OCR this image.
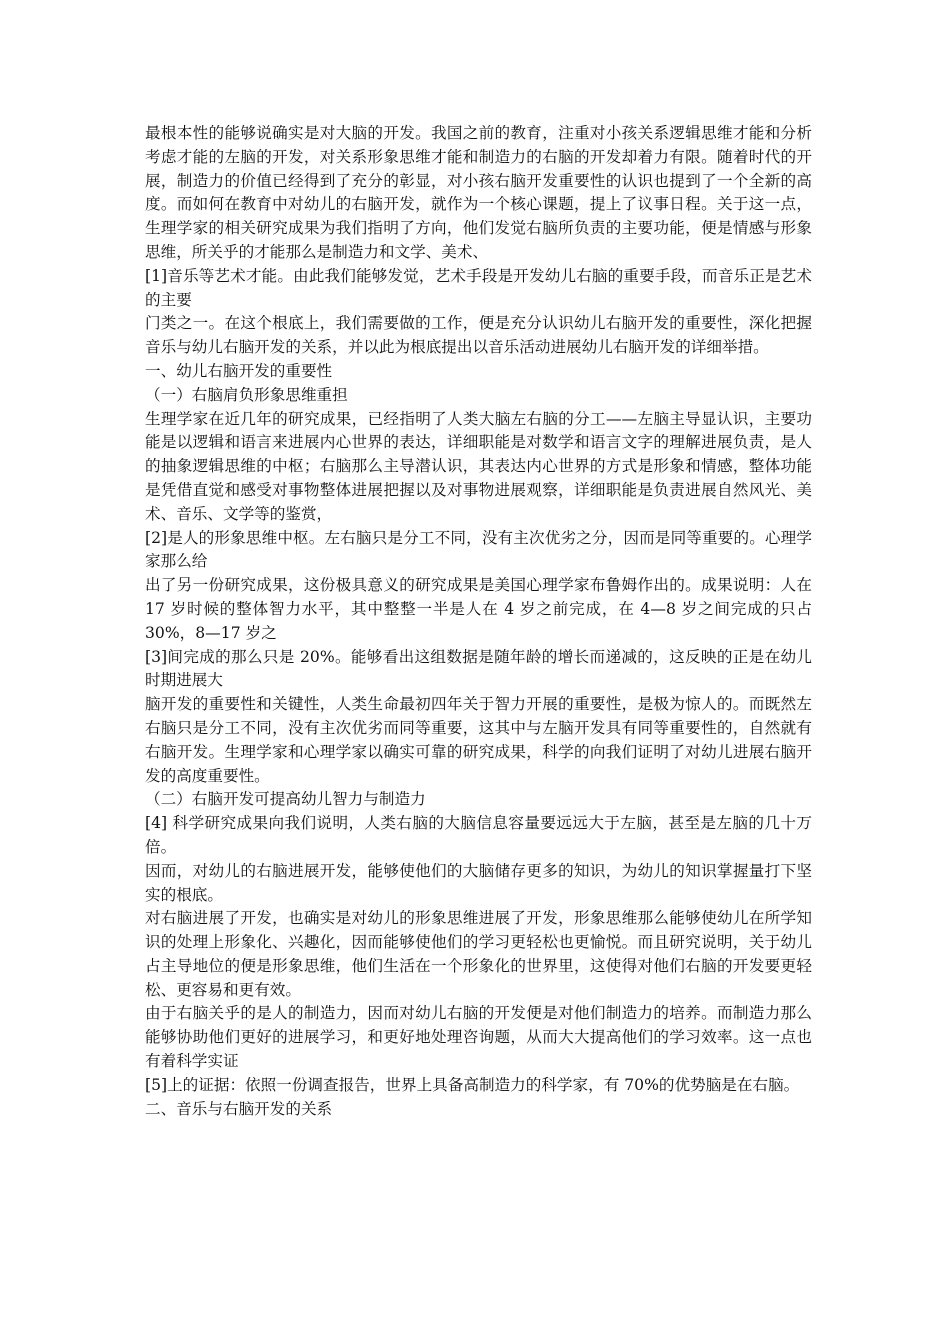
最根本性的能够说确实是对大脑的开发。我国之前的教育，注重对小孩关系逻辑思维才能和分析考虑才能的左脑的开发，对关系形象思维才能和制造力的右脑的开发却着力有限。随着时代的开展，制造力的价值已经得到了充分的彰显，对小孩右脑开发重要性的认识也提到了一个全新的高度。而如何在教育中对幼儿的右脑开发，就作为一个核心课题，提上了议事日程。关于这一点，生理学家的相关研究成果为我们指明了方向，他们发觉右脑所负责的主要功能，便是情感与形象思维，所关乎的才能那么是制造力和文学、美术、

[1]音乐等艺术才能。由此我们能够发觉，艺术手段是开发幼儿右脑的重要手段，而音乐正是艺术的主要

门类之一。在这个根底上，我们需要做的工作，便是充分认识幼儿右脑开发的重要性，深化把握音乐与幼儿右脑开发的关系，并以此为根底提出以音乐活动进展幼儿右脑开发的详细举措。

一、幼儿右脑开发的重要性

（一）右脑肩负形象思维重担

生理学家在近几年的研究成果，已经指明了人类大脑左右脑的分工——左脑主导显认识，主要功能是以逻辑和语言来进展内心世界的表达，详细职能是对数学和语言文字的理解进展负责，是人的抽象逻辑思维的中枢；右脑那么主导潜认识，其表达内心世界的方式是形象和情感，整体功能是凭借直觉和感受对事物整体进展把握以及对事物进展观察，详细职能是负责进展自然风光、美术、音乐、文学等的鉴赏，

[2]是人的形象思维中枢。左右脑只是分工不同，没有主次优劣之分，因而是同等重要的。心理学家那么给

出了另一份研究成果，这份极具意义的研究成果是美国心理学家布鲁姆作出的。成果说明：人在 17 岁时候的整体智力水平，其中整整一半是人在 4 岁之前完成，在 4—8 岁之间完成的只占 30%，8—17 岁之

[3]间完成的那么只是 20%。能够看出这组数据是随年龄的增长而递减的，这反映的正是在幼儿时期进展大

脑开发的重要性和关键性，人类生命最初四年关于智力开展的重要性，是极为惊人的。而既然左右脑只是分工不同，没有主次优劣而同等重要，这其中与左脑开发具有同等重要性的，自然就有右脑开发。生理学家和心理学家以确实可靠的研究成果，科学的向我们证明了对幼儿进展右脑开发的高度重要性。

（二）右脑开发可提高幼儿智力与制造力

[4] 科学研究成果向我们说明，人类右脑的大脑信息容量要远远大于左脑，甚至是左脑的几十万倍。

因而，对幼儿的右脑进展开发，能够使他们的大脑储存更多的知识，为幼儿的知识掌握量打下坚实的根底。

对右脑进展了开发，也确实是对幼儿的形象思维进展了开发，形象思维那么能够使幼儿在所学知识的处理上形象化、兴趣化，因而能够使他们的学习更轻松也更愉悦。而且研究说明，关于幼儿占主导地位的便是形象思维，他们生活在一个形象化的世界里，这使得对他们右脑的开发要更轻松、更容易和更有效。

由于右脑关乎的是人的制造力，因而对幼儿右脑的开发便是对他们制造力的培养。而制造力那么能够协助他们更好的进展学习，和更好地处理咨询题，从而大大提高他们的学习效率。这一点也有着科学实证

[5]上的证据：依照一份调查报告，世界上具备高制造力的科学家，有 70%的优势脑是在右脑。

二、音乐与右脑开发的关系
